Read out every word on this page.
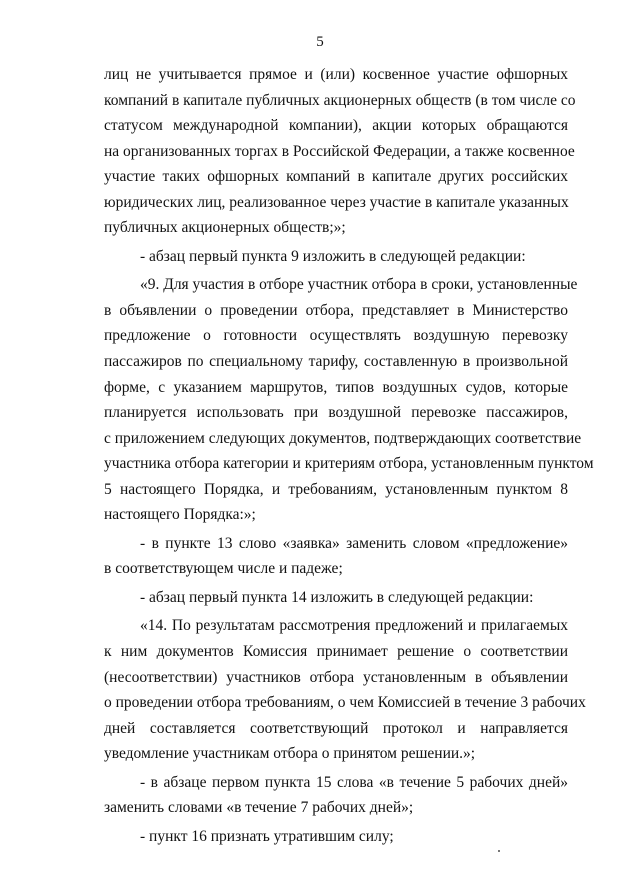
5
лиц не учитывается прямое и (или) косвенное участие офшорных
компаний в капитале публичных акционерных обществ (в том числе со
статусом международной компании), акции которых обращаются
на организованных торгах в Российской Федерации, а также косвенное
участие таких офшорных компаний в капитале других российских
юридических лиц, реализованное через участие в капитале указанных
публичных акционерных обществ;»;
- абзац первый пункта 9 изложить в следующей редакции:
«9. Для участия в отборе участник отбора в сроки, установленные
в объявлении о проведении отбора, представляет в Министерство
предложение о готовности осуществлять воздушную перевозку
пассажиров по специальному тарифу, составленную в произвольной
форме, с указанием маршрутов, типов воздушных судов, которые
планируется использовать при воздушной перевозке пассажиров,
с приложением следующих документов, подтверждающих соответствие
участника отбора категории и критериям отбора, установленным пунктом
5 настоящего Порядка, и требованиям, установленным пунктом 8
настоящего Порядка:»;
- в пункте 13 слово «заявка» заменить словом «предложение»
в соответствующем числе и падеже;
- абзац первый пункта 14 изложить в следующей редакции:
«14. По результатам рассмотрения предложений и прилагаемых
к ним документов Комиссия принимает решение о соответствии
(несоответствии) участников отбора установленным в объявлении
о проведении отбора требованиям, о чем Комиссией в течение 3 рабочих
дней составляется соответствующий протокол и направляется
уведомление участникам отбора о принятом решении.»;
- в абзаце первом пункта 15 слова «в течение 5 рабочих дней»
заменить словами «в течение 7 рабочих дней»;
- пункт 16 признать утратившим силу;
